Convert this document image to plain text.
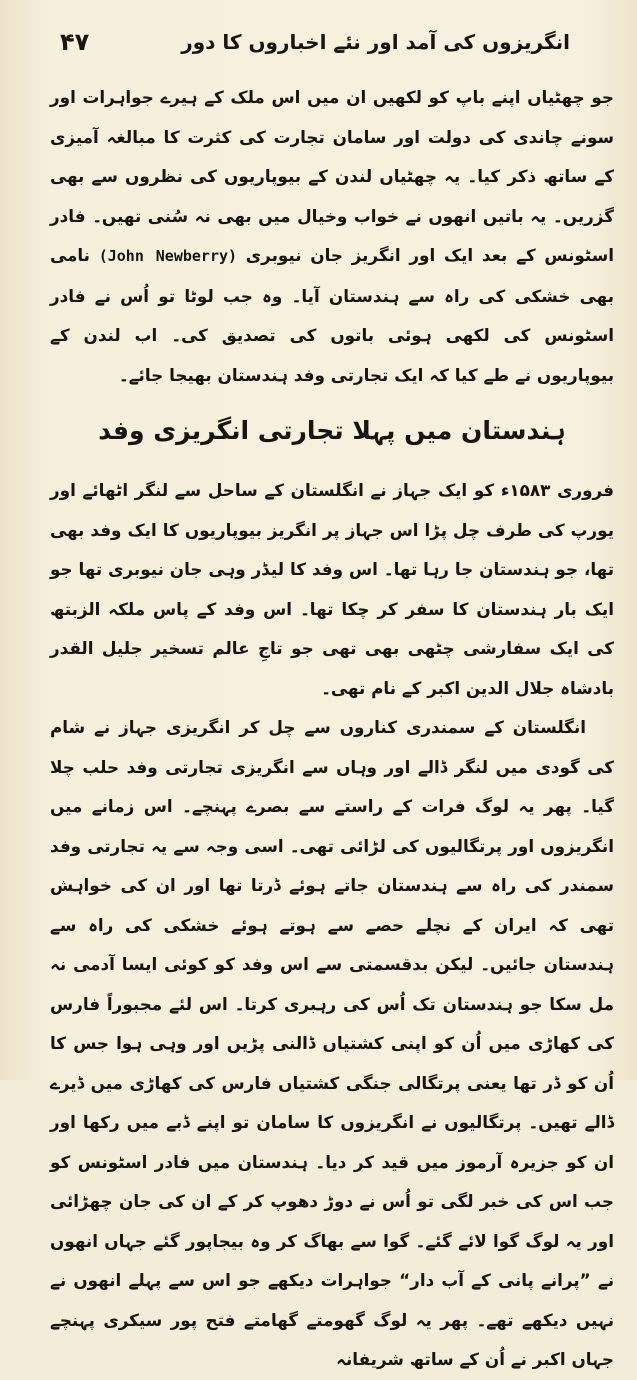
۴۷	انگریزوں کی آمد اور نئے اخباروں کا دور

جو چھٹیاں اپنے باپ کو لکھیں ان میں اس ملک کے ہیرے جواہرات اور سونے چاندی کی دولت اور سامان تجارت کی کثرت کا مبالغہ آمیزی کے ساتھ ذکر کیا۔ یہ چھٹیاں لندن کے بیوپاریوں کی نظروں سے بھی گزریں۔ یہ باتیں انھوں نے خواب وخیال میں بھی نہ سُنی تھیں۔ فادر اسٹونس کے بعد ایک اور انگریز جان نیوبری (John Newberry) نامی بھی خشکی کی راہ سے ہندستان آیا۔ وہ جب لوٹا تو اُس نے فادر اسٹونس کی لکھی ہوئی باتوں کی تصدیق کی۔ اب لندن کے بیوپاریوں نے طے کیا کہ ایک تجارتی وفد ہندستان بھیجا جائے۔

ہندستان میں پہلا تجارتی انگریزی وفد

فروری ۱۵۸۳ء کو ایک جہاز نے انگلستان کے ساحل سے لنگر اٹھائے اور یورپ کی طرف چل پڑا اس جہاز پر انگریز بیوپاریوں کا ایک وفد بھی تھا، جو ہندستان جا رہا تھا۔ اس وفد کا لیڈر وہی جان نیوبری تھا جو ایک بار ہندستان کا سفر کر چکا تھا۔ اس وفد کے پاس ملکہ الزبتھ کی ایک سفارشی چٹھی بھی تھی جو تاجِ عالم تسخیر جلیل القدر بادشاہ جلال الدین اکبر کے نام تھی۔

انگلستان کے سمندری کناروں سے چل کر انگریزی جہاز نے شام کی گودی میں لنگر ڈالے اور وہاں سے انگریزی تجارتی وفد حلب چلا گیا۔ پھر یہ لوگ فرات کے راستے سے بصرے پہنچے۔ اس زمانے میں انگریزوں اور پرتگالیوں کی لڑائی تھی۔ اسی وجہ سے یہ تجارتی وفد سمندر کی راہ سے ہندستان جاتے ہوئے ڈرتا تھا اور ان کی خواہش تھی کہ ایران کے نچلے حصے سے ہوتے ہوئے خشکی کی راہ سے ہندستان جائیں۔ لیکن بدقسمتی سے اس وفد کو کوئی ایسا آدمی نہ مل سکا جو ہندستان تک اُس کی رہبری کرتا۔ اس لئے مجبوراً فارس کی کھاڑی میں اُن کو اپنی کشتیاں ڈالنی پڑیں اور وہی ہوا جس کا اُن کو ڈر تھا یعنی پرتگالی جنگی کشتیاں فارس کی کھاڑی میں ڈیرے ڈالے تھیں۔ پرتگالیوں نے انگریزوں کا سامان تو اپنے ڈبے میں رکھا اور ان کو جزیرہ آرموز میں قید کر دیا۔ ہندستان میں فادر اسٹونس کو جب اس کی خبر لگی تو اُس نے دوڑ دھوپ کر کے ان کی جان چھڑائی اور یہ لوگ گوا لائے گئے۔ گوا سے بھاگ کر وہ بیجاپور گئے جہاں انھوں نے ”پرانے پانی کے آب دار“ جواہرات دیکھے جو اس سے پہلے انھوں نے نہیں دیکھے تھے۔ پھر یہ لوگ گھومتے گھامتے فتح پور سیکری پہنچے جہاں اکبر نے اُن کے ساتھ شریفانہ
